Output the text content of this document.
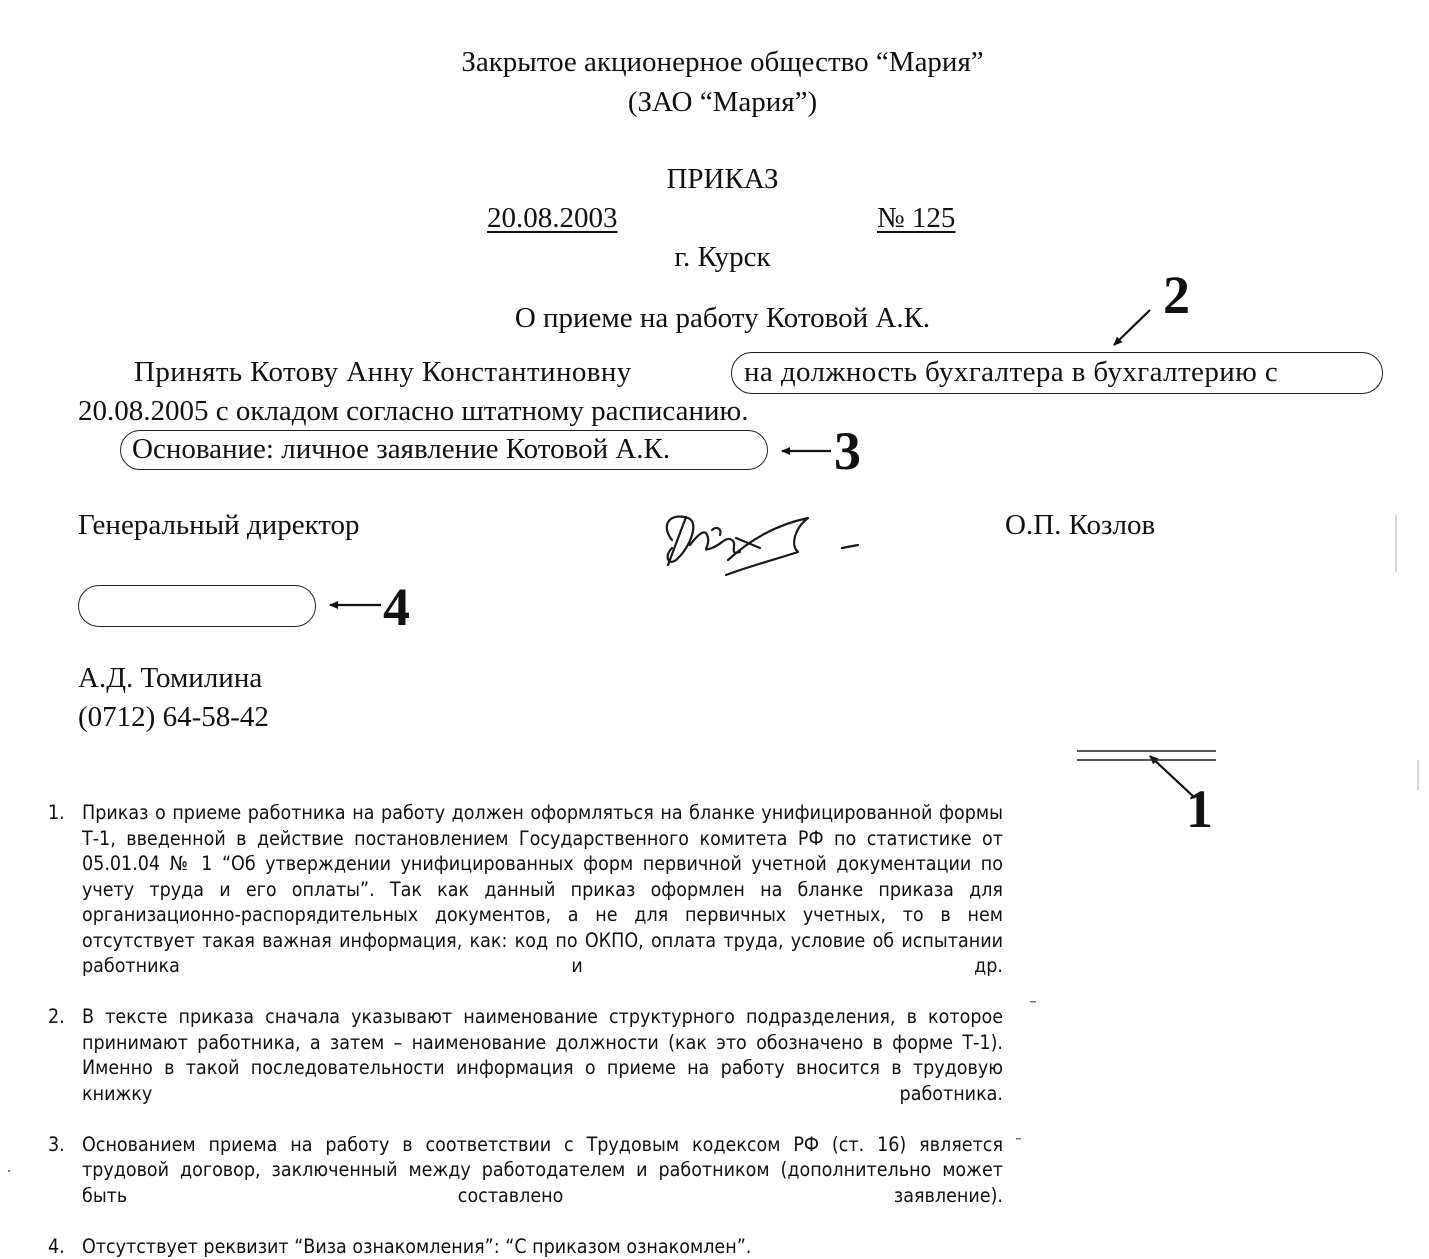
Закрытое акционерное общество “Мария”
(ЗАО “Мария”)
ПРИКАЗ
20.08.2003	№ 125
г. Курск
О приеме на работу Котовой А.К.
Принять Котову Анну Константиновну	на должность бухгалтера в бухгалтерию с
20.08.2005 с окладом согласно штатному расписанию.
Основание: личное заявление Котовой А.К.
Генеральный директор	О.П. Козлов
А.Д. Томилина
(0712) 64-58-42
2
3
4
1
1. Приказ о приеме работника на работу должен оформляться на бланке унифицированной формы Т-1, введенной в действие постановлением Государственного комитета РФ по статистике от 05.01.04 № 1 “Об утверждении унифицированных форм первичной учетной документации по учету труда и его оплаты”. Так как данный приказ оформлен на бланке приказа для организационно-распорядительных документов, а не для первичных учетных, то в нем отсутствует такая важная информация, как: код по ОКПО, оплата труда, условие об испытании работника и др.
2. В тексте приказа сначала указывают наименование структурного подразделения, в которое принимают работника, а затем – наименование должности (как это обозначено в форме Т-1). Именно в такой последовательности информация о приеме на работу вносится в трудовую книжку работника.
3. Основанием приема на работу в соответствии с Трудовым кодексом РФ (ст. 16) является трудовой договор, заключенный между работодателем и работником (дополнительно может быть составлено заявление).
4. Отсутствует реквизит “Виза ознакомления”: “С приказом ознакомлен”.
